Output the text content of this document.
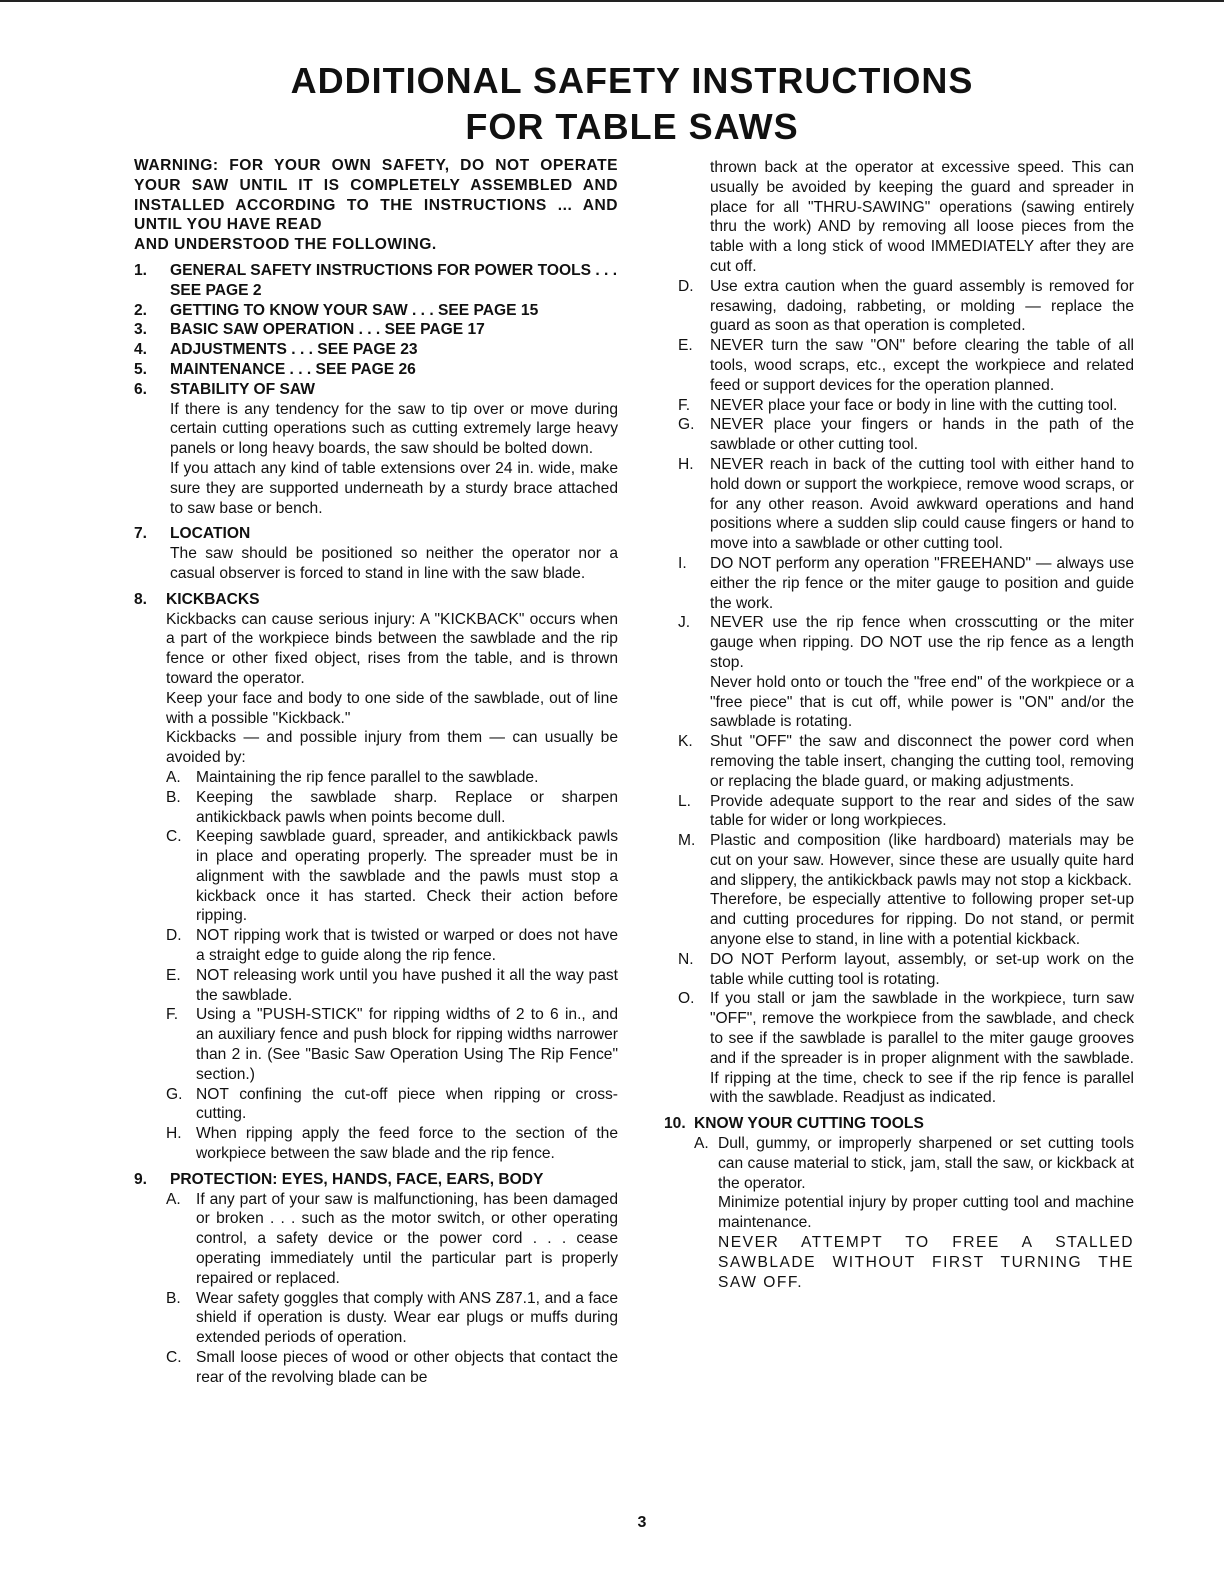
ADDITIONAL SAFETY INSTRUCTIONS
FOR TABLE SAWS

WARNING: FOR YOUR OWN SAFETY, DO NOT OPERATE YOUR SAW UNTIL IT IS COMPLETELY ASSEMBLED AND INSTALLED ACCORDING TO THE INSTRUCTIONS ... AND UNTIL YOU HAVE READ

AND UNDERSTOOD THE FOLLOWING.

1.	GENERAL SAFETY INSTRUCTIONS FOR POWER TOOLS . . . SEE PAGE 2
2.	GETTING TO KNOW YOUR SAW . . . SEE PAGE 15
3.	BASIC SAW OPERATION . . . SEE PAGE 17
4.	ADJUSTMENTS . . . SEE PAGE 23
5.	MAINTENANCE . . . SEE PAGE 26
6.	STABILITY OF SAW

If there is any tendency for the saw to tip over or move during certain cutting operations such as cutting extremely large heavy panels or long heavy boards, the saw should be bolted down.

If you attach any kind of table extensions over 24 in. wide, make sure they are supported underneath by a sturdy brace attached to saw base or bench.

7.	LOCATION

The saw should be positioned so neither the operator nor a casual observer is forced to stand in line with the saw blade.

8.	KICKBACKS

Kickbacks can cause serious injury: A "KICKBACK" occurs when a part of the workpiece binds between the sawblade and the rip fence or other fixed object, rises from the table, and is thrown toward the operator.

Keep your face and body to one side of the sawblade, out of line with a possible "Kickback."

Kickbacks — and possible injury from them — can usually be avoided by:

A. Maintaining the rip fence parallel to the sawblade.
B. Keeping the sawblade sharp. Replace or sharpen antikickback pawls when points become dull.
C. Keeping sawblade guard, spreader, and antikickback pawls in place and operating properly. The spreader must be in alignment with the sawblade and the pawls must stop a kickback once it has started. Check their action before ripping.
D. NOT ripping work that is twisted or warped or does not have a straight edge to guide along the rip fence.
E. NOT releasing work until you have pushed it all the way past the sawblade.
F.	Using a "PUSH-STICK" for ripping widths of 2 to 6 in., and an auxiliary fence and push block for ripping widths narrower than 2 in. (See "Basic Saw Operation Using The Rip Fence" section.)
G. NOT confining the cut-off piece when ripping or cross-cutting.
H. When ripping apply the feed force to the section of the workpiece between the saw blade and the rip fence.
9.	PROTECTION: EYES, HANDS, FACE, EARS, BODY
A. If any part of your saw is malfunctioning, has been damaged or broken . . . such as the motor switch, or other operating control, a safety device or the power cord . . . cease operating immediately until the particular part is properly repaired or replaced.
B. Wear safety goggles that comply with ANS Z87.1, and a face shield if operation is dusty. Wear ear plugs or muffs during extended periods of operation.
C. Small loose pieces of wood or other objects that contact the rear of the revolving blade can be

thrown back at the operator at excessive speed. This can usually be avoided by keeping the guard and spreader in place for all "THRU-SAWING" operations (sawing entirely thru the work) AND by removing all loose pieces from the table with a long stick of wood IMMEDIATELY after they are cut off.

D.	Use extra caution when the guard assembly is removed for resawing, dadoing, rabbeting, or molding — replace the guard as soon as that operation is completed.
E.	NEVER turn the saw "ON" before clearing the table of all tools, wood scraps, etc., except the workpiece and related feed or support devices for the operation planned.
F.	NEVER place your face or body in line with the cutting tool.
G. NEVER place your fingers or hands in the path of the sawblade or other cutting tool.
H.	NEVER reach in back of the cutting tool with either hand to hold down or support the workpiece, remove wood scraps, or for any other reason. Avoid awkward operations and hand positions where a sudden slip could cause fingers or hand to move into a sawblade or other cutting tool.
I.	DO NOT perform any operation "FREEHAND" — always use either the rip fence or the miter gauge to position and guide the work.
J.	NEVER use the rip fence when crosscutting or the miter gauge when ripping. DO NOT use the rip fence as a length stop.

Never hold onto or touch the "free end" of the workpiece or a "free piece" that is cut off, while power is "ON" and/or the sawblade is rotating.

K.	Shut "OFF" the saw and disconnect the power cord when removing the table insert, changing the cutting tool, removing or replacing the blade guard, or making adjustments.
L.	Provide adequate support to the rear and sides of the saw table for wider or long workpieces.
M. Plastic and composition (like hardboard) materials may be cut on your saw. However, since these are usually quite hard and slippery, the antikickback pawls may not stop a kickback.

Therefore, be especially attentive to following proper set-up and cutting procedures for ripping. Do not stand, or permit anyone else to stand, in line with a potential kickback.

N.	DO NOT Perform layout, assembly, or set-up work on the table while cutting tool is rotating.
O. If you stall or jam the sawblade in the workpiece, turn saw "OFF", remove the workpiece from the sawblade, and check to see if the sawblade is parallel to the miter gauge grooves and if the spreader is in proper alignment with the sawblade. If ripping at the time, check to see if the rip fence is parallel with the sawblade. Readjust as indicated.
10. KNOW YOUR CUTTING TOOLS
A. Dull, gummy, or improperly sharpened or set cutting tools can cause material to stick, jam, stall the saw, or kickback at the operator.

Minimize potential injury by proper cutting tool and machine maintenance.

NEVER ATTEMPT TO FREE A STALLED SAWBLADE WITHOUT FIRST TURNING THE SAW OFF.

3
